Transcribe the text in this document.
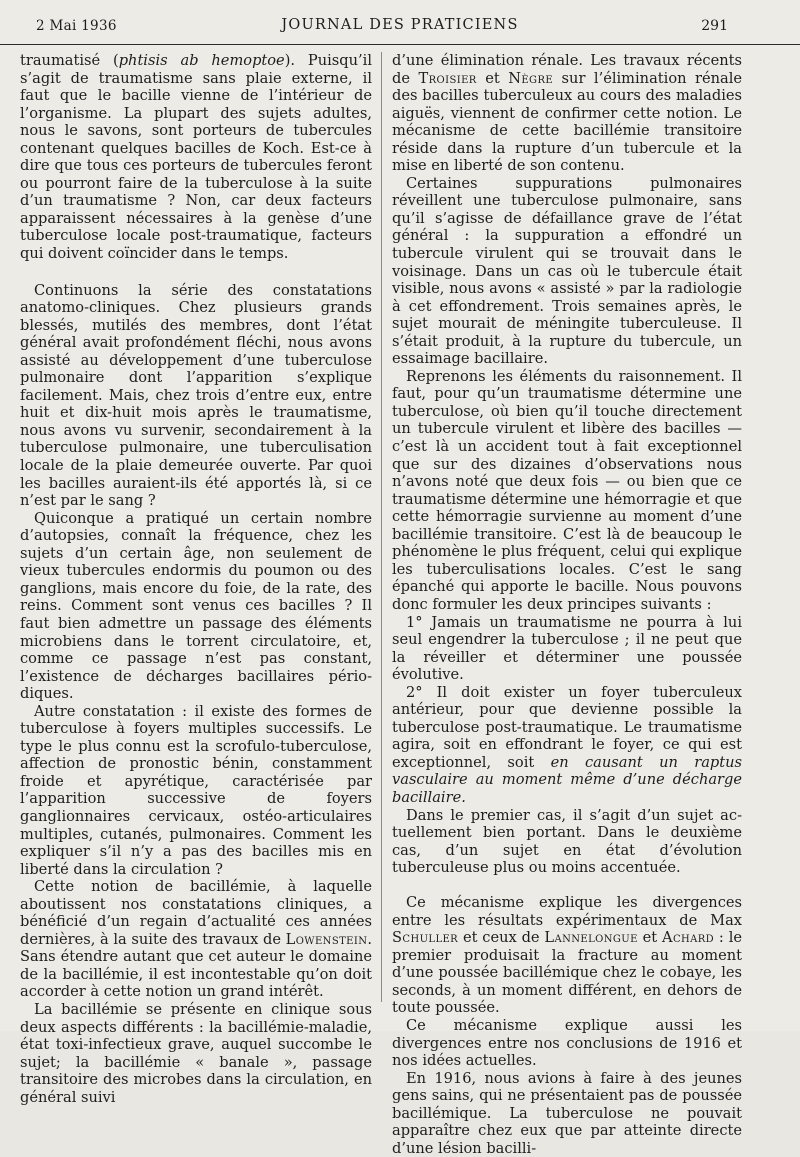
2 Mai 1936	JOURNAL DES PRATICIENS	291

traumatisé (phtisis ab hemoptoe). Puisqu’il s’agit de traumatisme sans plaie externe, il faut que le bacille vienne de l’intérieur de l’organisme. La plupart des sujets adultes, nous le savons, sont porteurs de tubercules contenant quelques bacilles de Koch. Est-ce à dire que tous ces porteurs de tubercules feront ou pourront faire de la tuberculose à la suite d’un traumatisme ? Non, car deux facteurs apparaissent nécessaires à la genèse d’une tuberculose locale post-traumatique, facteurs qui doivent coïncider dans le temps.

Continuons la série des constatations anatomo-cliniques. Chez plusieurs grands blessés, mutilés des membres, dont l’état général avait profondément fléchi, nous avons assisté au développement d’une tuberculose pulmonaire dont l’apparition s’explique facilement. Mais, chez trois d’entre eux, entre huit et dix-huit mois après le traumatisme, nous avons vu survenir, secondairement à la tuberculose pulmonaire, une tuberculisation locale de la plaie demeurée ouverte. Par quoi les bacilles auraient-ils été apportés là, si ce n’est par le sang ?

Quiconque a pratiqué un certain nombre d’autopsies, connaît la fréquence, chez les sujets d’un certain âge, non seulement de vieux tubercules endormis du poumon ou des ganglions, mais encore du foie, de la rate, des reins. Comment sont venus ces bacilles ? Il faut bien admettre un passage des éléments microbiens dans le torrent circulatoire, et, comme ce passage n’est pas constant, l’existence de décharges bacillaires périodiques.

Autre constatation : il existe des formes de tuberculose à foyers multiples successifs. Le type le plus connu est la scrofulo-tuberculose, affection de pronostic bénin, constamment froide et apyrétique, caractérisée par l’apparition successive de foyers ganglionnaires cervicaux, ostéo-articulaires multiples, cutanés, pulmonaires. Comment les expliquer s’il n’y a pas des bacilles mis en liberté dans la circulation ?

Cette notion de bacillémie, à laquelle aboutissent nos constatations cliniques, a bénéficié d’un regain d’actualité ces années dernières, à la suite des travaux de Lowenstein. Sans étendre autant que cet auteur le domaine de la bacillémie, il est incontestable qu’on doit accorder à cette notion un grand intérêt.

La bacillémie se présente en clinique sous deux aspects différents : la bacillémie-maladie, état toxi-infectieux grave, auquel succombe le sujet; la bacillémie « banale », passage transitoire des microbes dans la circulation, en général suivi

d’une élimination rénale. Les travaux récents de Troisier et Nègre sur l’élimination rénale des bacilles tuberculeux au cours des maladies aiguës, viennent de confirmer cette notion. Le mécanisme de cette bacillémie transitoire réside dans la rupture d’un tubercule et la mise en liberté de son contenu.

Certaines suppurations pulmonaires réveillent une tuberculose pulmonaire, sans qu’il s’agisse de défaillance grave de l’état général : la suppuration a effondré un tubercule virulent qui se trouvait dans le voisinage. Dans un cas où le tubercule était visible, nous avons « assisté » par la radiologie à cet effondrement. Trois semaines après, le sujet mourait de méningite tuberculeuse. Il s’était produit, à la rupture du tubercule, un essaimage bacillaire.

Reprenons les éléments du raisonnement. Il faut, pour qu’un traumatisme détermine une tuberculose, où bien qu’il touche directement un tubercule virulent et libère des bacilles — c’est là un accident tout à fait exceptionnel que sur des dizaines d’observations nous n’avons noté que deux fois — ou bien que ce traumatisme détermine une hémorragie et que cette hémorragie survienne au moment d’une bacillémie transitoire. C’est là de beaucoup le phénomène le plus fréquent, celui qui explique les tuberculisations locales. C’est le sang épanché qui apporte le bacille. Nous pouvons donc formuler les deux principes suivants :

1° Jamais un traumatisme ne pourra à lui seul engendrer la tuberculose ; il ne peut que la réveiller et déterminer une poussée évolutive.

2° Il doit exister un foyer tuberculeux antérieur, pour que devienne possible la tuberculose post-traumatique. Le traumatisme agira, soit en effondrant le foyer, ce qui est exceptionnel, soit en causant un raptus vasculaire au moment même d’une décharge bacillaire.

Dans le premier cas, il s’agit d’un sujet actuellement bien portant. Dans le deuxième cas, d’un sujet en état d’évolution tuberculeuse plus ou moins accentuée.

Ce mécanisme explique les divergences entre les résultats expérimentaux de Max Schuller et ceux de Lannelongue et Achard : le premier produisait la fracture au moment d’une poussée bacillémique chez le cobaye, les seconds, à un moment différent, en dehors de toute poussée.

Ce mécanisme explique aussi les divergences entre nos conclusions de 1916 et nos idées actuelles.

En 1916, nous avions à faire à des jeunes gens sains, qui ne présentaient pas de poussée bacillémique. La tuberculose ne pouvait apparaître chez eux que par atteinte directe d’une lésion bacilli-
